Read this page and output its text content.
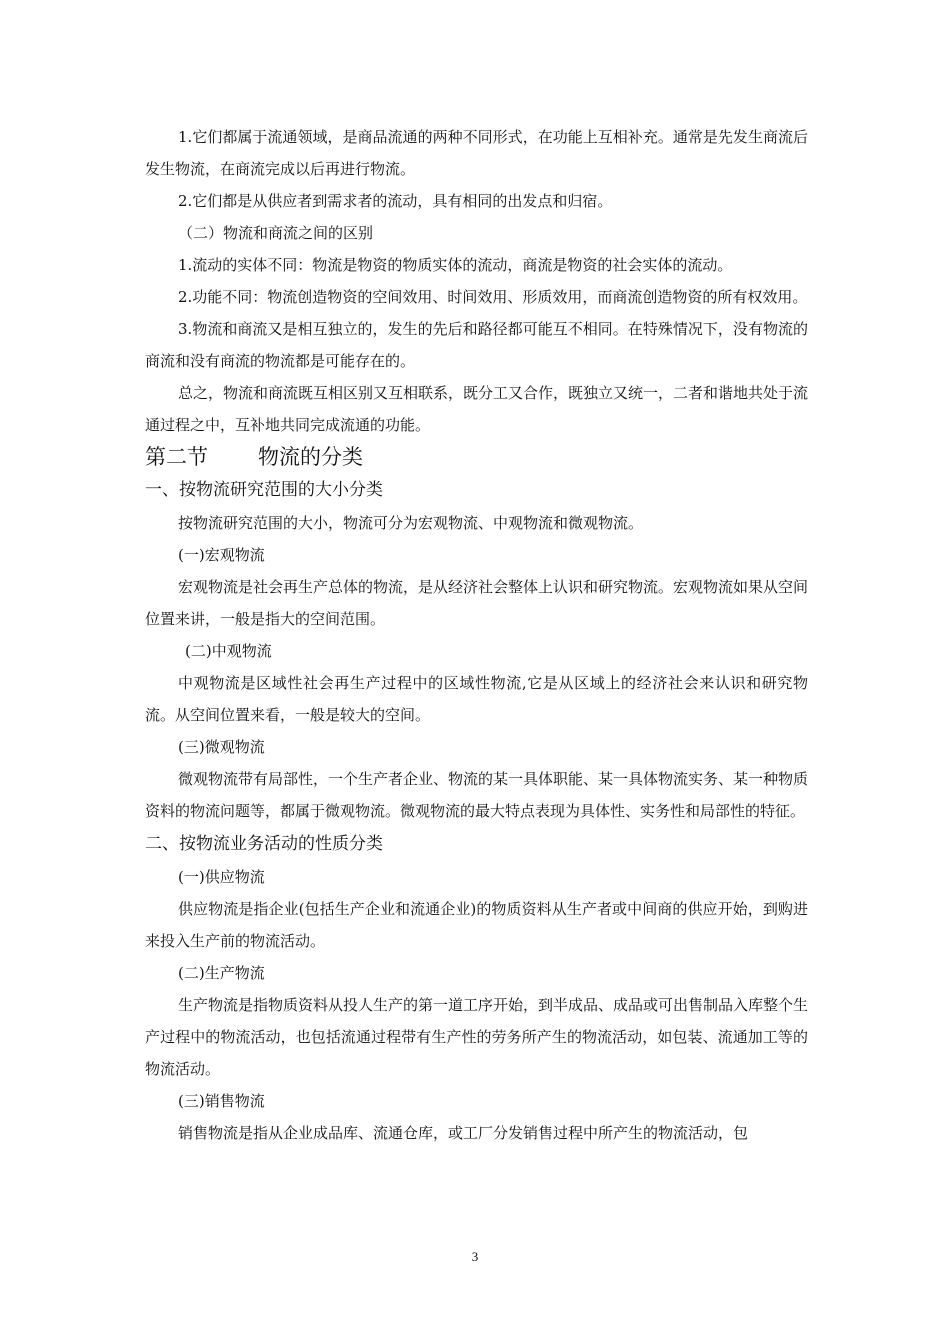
1.它们都属于流通领域，是商品流通的两种不同形式，在功能上互相补充。通常是先发生商流后发生物流，在商流完成以后再进行物流。

2.它们都是从供应者到需求者的流动，具有相同的出发点和归宿。

（二）物流和商流之间的区别

1.流动的实体不同：物流是物资的物质实体的流动，商流是物资的社会实体的流动。

2.功能不同：物流创造物资的空间效用、时间效用、形质效用，而商流创造物资的所有权效用。

3.物流和商流又是相互独立的，发生的先后和路径都可能互不相同。在特殊情况下，没有物流的商流和没有商流的物流都是可能存在的。

总之，物流和商流既互相区别又互相联系，既分工又合作，既独立又统一，二者和谐地共处于流通过程之中，互补地共同完成流通的功能。

第二节 物流的分类

一、按物流研究范围的大小分类

按物流研究范围的大小，物流可分为宏观物流、中观物流和微观物流。

(一)宏观物流

宏观物流是社会再生产总体的物流，是从经济社会整体上认识和研究物流。宏观物流如果从空间位置来讲，一般是指大的空间范围。

(二)中观物流

中观物流是区域性社会再生产过程中的区域性物流,它是从区域上的经济社会来认识和研究物流。从空间位置来看，一般是较大的空间。

(三)微观物流

微观物流带有局部性，一个生产者企业、物流的某一具体职能、某一具体物流实务、某一种物质资料的物流问题等，都属于微观物流。微观物流的最大特点表现为具体性、实务性和局部性的特征。

二、按物流业务活动的性质分类

(一)供应物流

供应物流是指企业(包括生产企业和流通企业)的物质资料从生产者或中间商的供应开始，到购进来投入生产前的物流活动。

(二)生产物流

生产物流是指物质资料从投人生产的第一道工序开始，到半成品、成品或可出售制品入库整个生产过程中的物流活动，也包括流通过程带有生产性的劳务所产生的物流活动，如包装、流通加工等的物流活动。

(三)销售物流

销售物流是指从企业成品库、流通仓库，或工厂分发销售过程中所产生的物流活动，包

3
